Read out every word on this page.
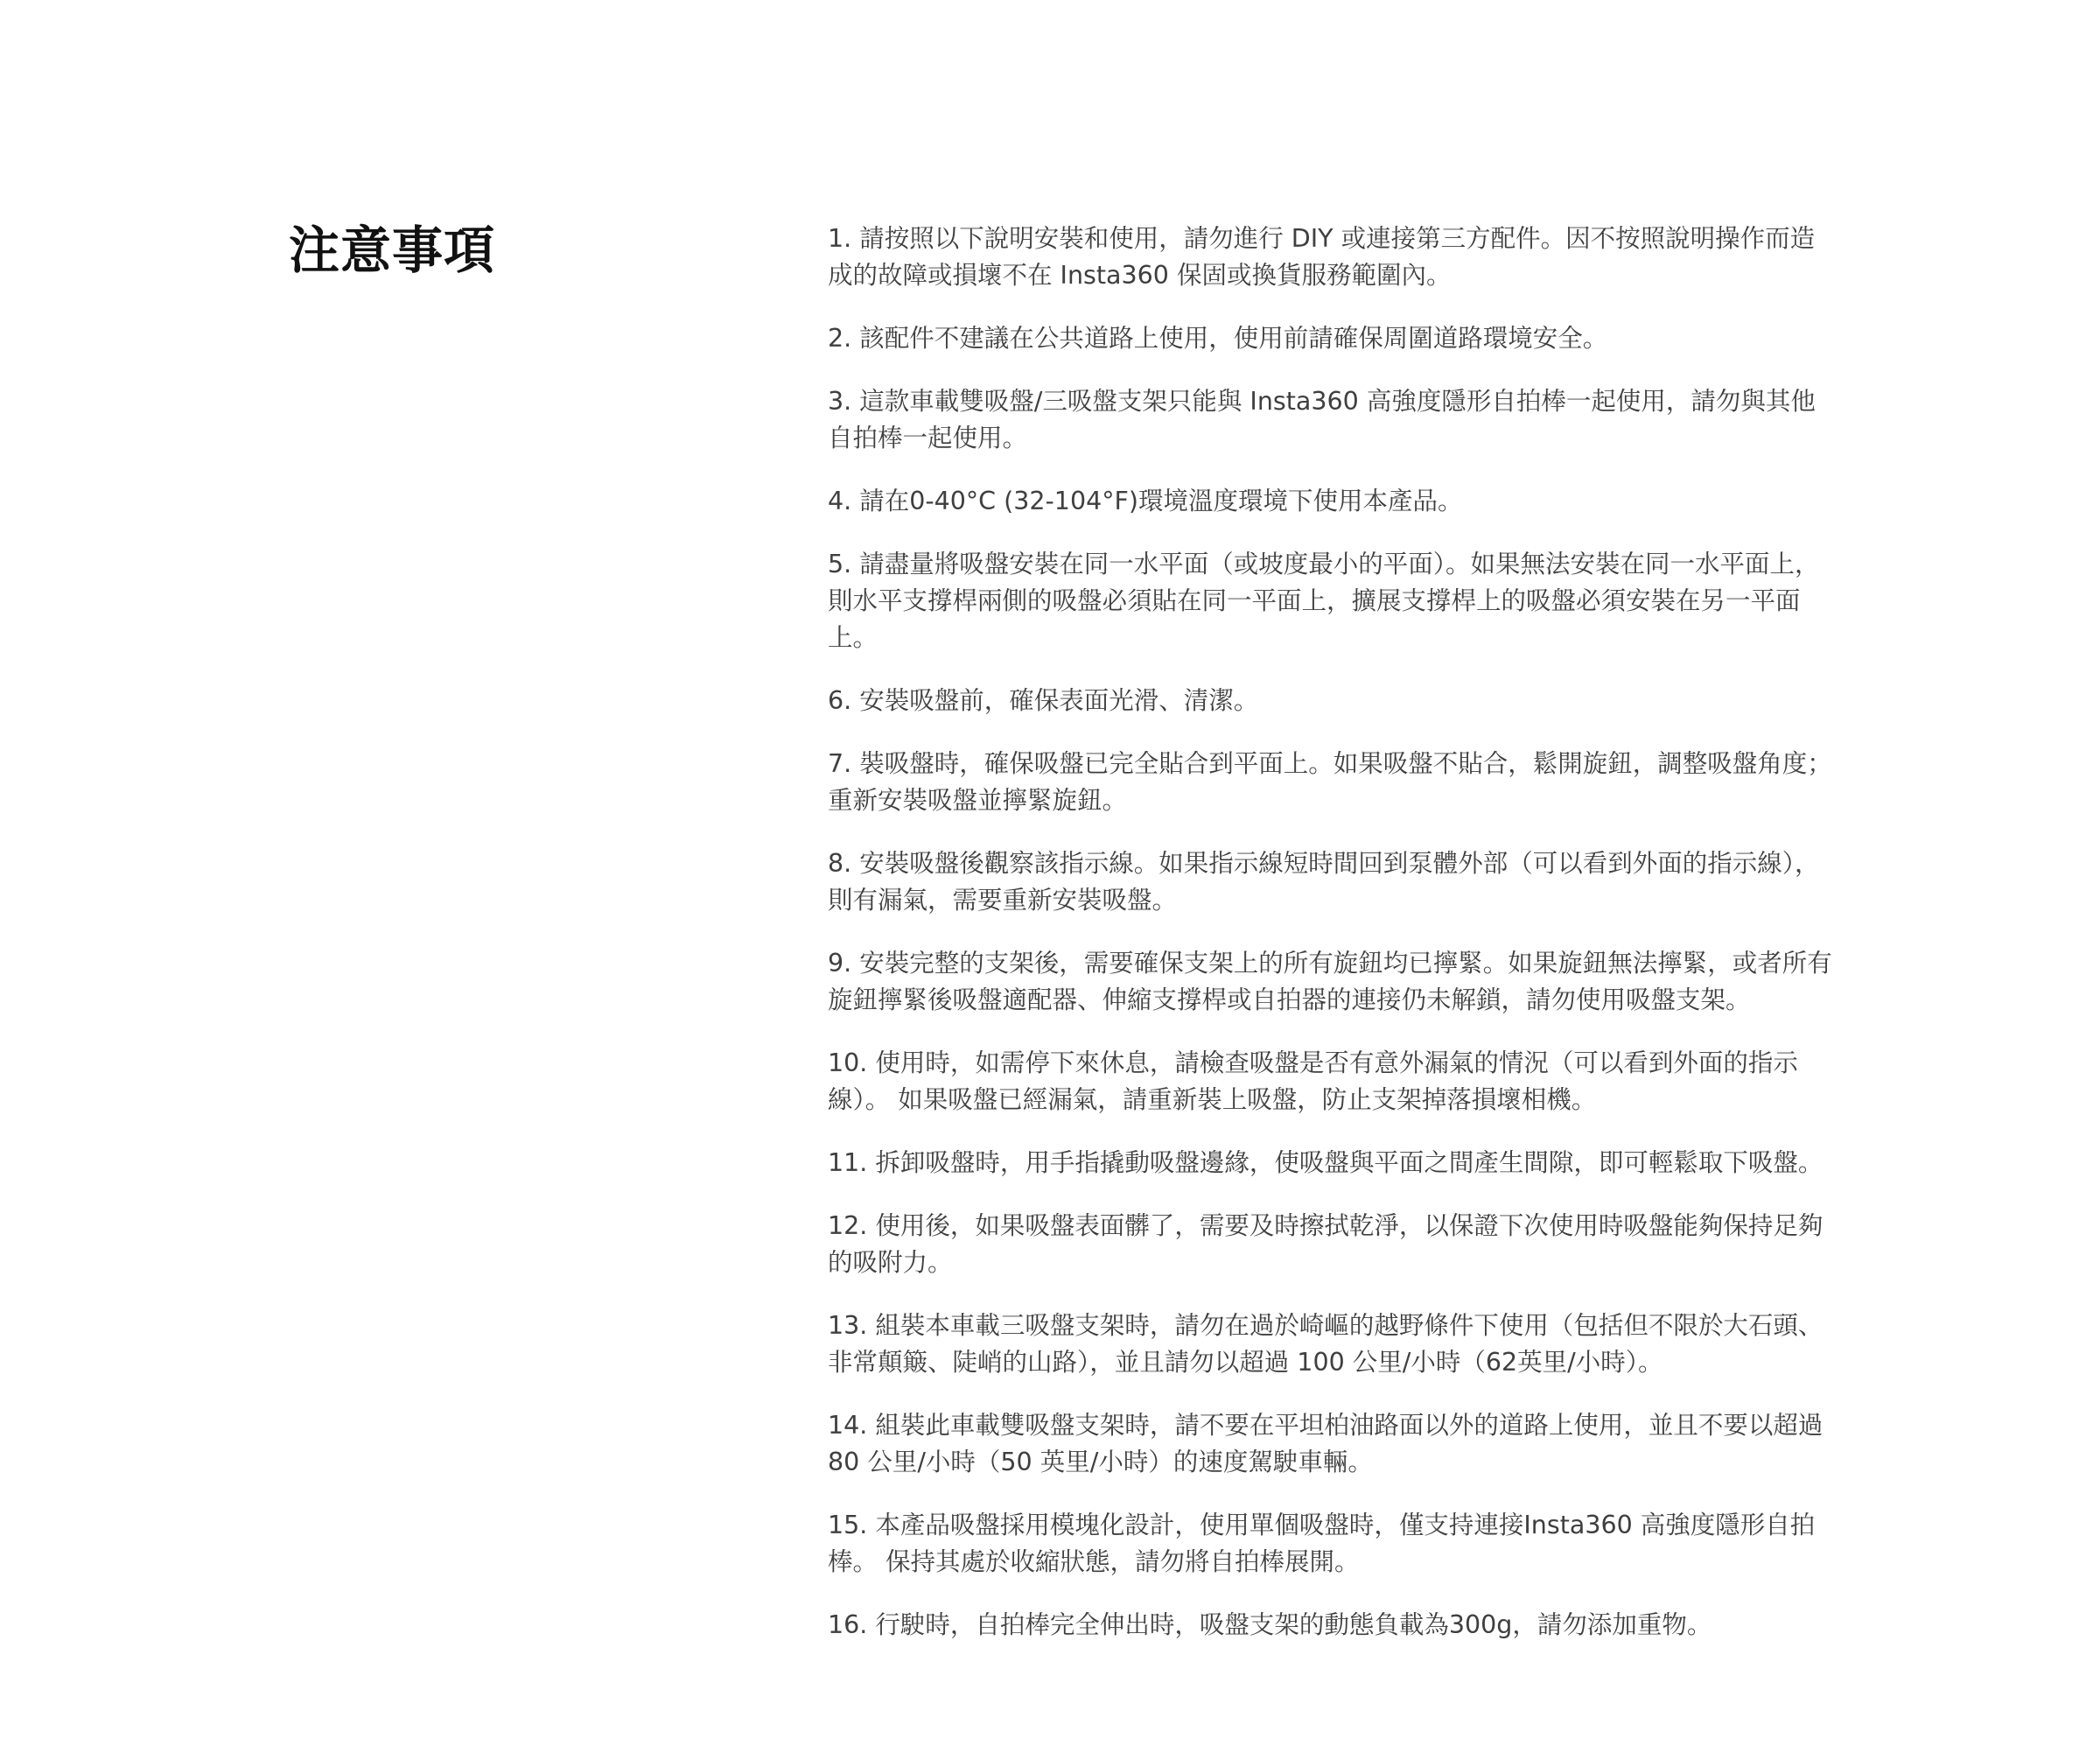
注意事項	1. 請按照以下說明安裝和使用，請勿進行 DIY 或連接第三方配件。因不按照說明操作而造成的故障或損壞不在 Insta360 保固或換貨服務範圍內。
2. 該配件不建議在公共道路上使用，使用前請確保周圍道路環境安全。
3. 這款車載雙吸盤/三吸盤支架只能與 Insta360 高強度隱形自拍棒一起使用，請勿與其他自拍棒一起使用。
4. 請在0-40°C (32-104°F)環境溫度環境下使用本產品。
5. 請盡量將吸盤安裝在同一水平面（或坡度最小的平面）。如果無法安裝在同一水平面上，則水平支撐桿兩側的吸盤必須貼在同一平面上，擴展支撐桿上的吸盤必須安裝在另一平面上。
6. 安裝吸盤前，確保表面光滑、清潔。
7. 裝吸盤時，確保吸盤已完全貼合到平面上。如果吸盤不貼合，鬆開旋鈕，調整吸盤角度； 重新安裝吸盤並擰緊旋鈕。
8. 安裝吸盤後觀察該指示線。如果指示線短時間回到泵體外部（可以看到外面的指示線），則有漏氣，需要重新安裝吸盤。
9. 安裝完整的支架後，需要確保支架上的所有旋鈕均已擰緊。如果旋鈕無法擰緊，或者所有旋鈕擰緊後吸盤適配器、伸縮支撐桿或自拍器的連接仍未解鎖，請勿使用吸盤支架。
10. 使用時，如需停下來休息，請檢查吸盤是否有意外漏氣的情況（可以看到外面的指示線）。 如果吸盤已經漏氣，請重新裝上吸盤，防止支架掉落損壞相機。
11. 拆卸吸盤時，用手指撬動吸盤邊緣，使吸盤與平面之間產生間隙，即可輕鬆取下吸盤。
12. 使用後，如果吸盤表面髒了，需要及時擦拭乾淨，以保證下次使用時吸盤能夠保持足夠的吸附力。
13. 組裝本車載三吸盤支架時，請勿在過於崎嶇的越野條件下使用（包括但不限於大石頭、非常顛簸、陡峭的山路），並且請勿以超過 100 公里/小時（62英里/小時）。
14. 組裝此車載雙吸盤支架時，請不要在平坦柏油路面以外的道路上使用，並且不要以超過 80 公里/小時（50 英里/小時）的速度駕駛車輛。
15. 本產品吸盤採用模塊化設計，使用單個吸盤時，僅支持連接Insta360 高強度隱形自拍棒。 保持其處於收縮狀態，請勿將自拍棒展開。
16. 行駛時，自拍棒完全伸出時，吸盤支架的動態負載為300g，請勿添加重物。
